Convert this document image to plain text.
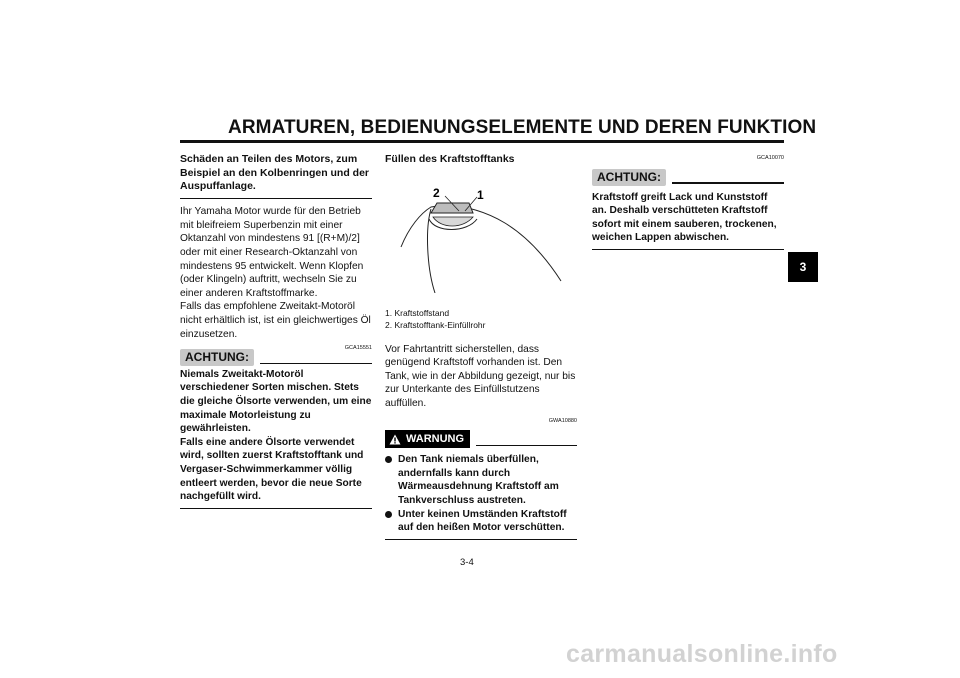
ARMATUREN, BEDIENUNGSELEMENTE UND DEREN FUNKTION

Schäden an Teilen des Motors, zum Beispiel an den Kolbenringen und der Auspuffanlage.

Ihr Yamaha Motor wurde für den Betrieb mit bleifreiem Superbenzin mit einer Oktanzahl von mindestens 91 [(R+M)/2] oder mit einer Research-Oktanzahl von mindestens 95 entwickelt. Wenn Klopfen (oder Klingeln) auftritt, wechseln Sie zu einer anderen Kraftstoffmarke.

Falls das empfohlene Zweitakt-Motoröl nicht erhältlich ist, ist ein gleichwertiges Öl einzusetzen.

ACHTUNG:
GCA15551

Niemals Zweitakt-Motoröl verschiedener Sorten mischen. Stets die gleiche Ölsorte verwenden, um eine maximale Motorleistung zu gewährleisten.

Falls eine andere Ölsorte verwendet wird, sollten zuerst Kraftstofftank und Vergaser-Schwimmerkammer völlig entleert werden, bevor die neue Sorte nachgefüllt wird.

Füllen des Kraftstofftanks

2	1

1. Kraftstoffstand

2. Kraftstofftank-Einfüllrohr

Vor Fahrtantritt sicherstellen, dass genügend Kraftstoff vorhanden ist. Den Tank, wie in der Abbildung gezeigt, nur bis zur Unterkante des Einfüllstutzens auffüllen.

GWA10880
WARNUNG

Den Tank niemals überfüllen, andernfalls kann durch Wärmeausdehnung Kraftstoff am Tankverschluss austreten.

Unter keinen Umständen Kraftstoff auf den heißen Motor verschütten.

GCA10070
ACHTUNG:

Kraftstoff greift Lack und Kunststoff an. Deshalb verschütteten Kraftstoff sofort mit einem sauberen, trockenen, weichen Lappen abwischen.

3
3-4
carmanualsonline.info
